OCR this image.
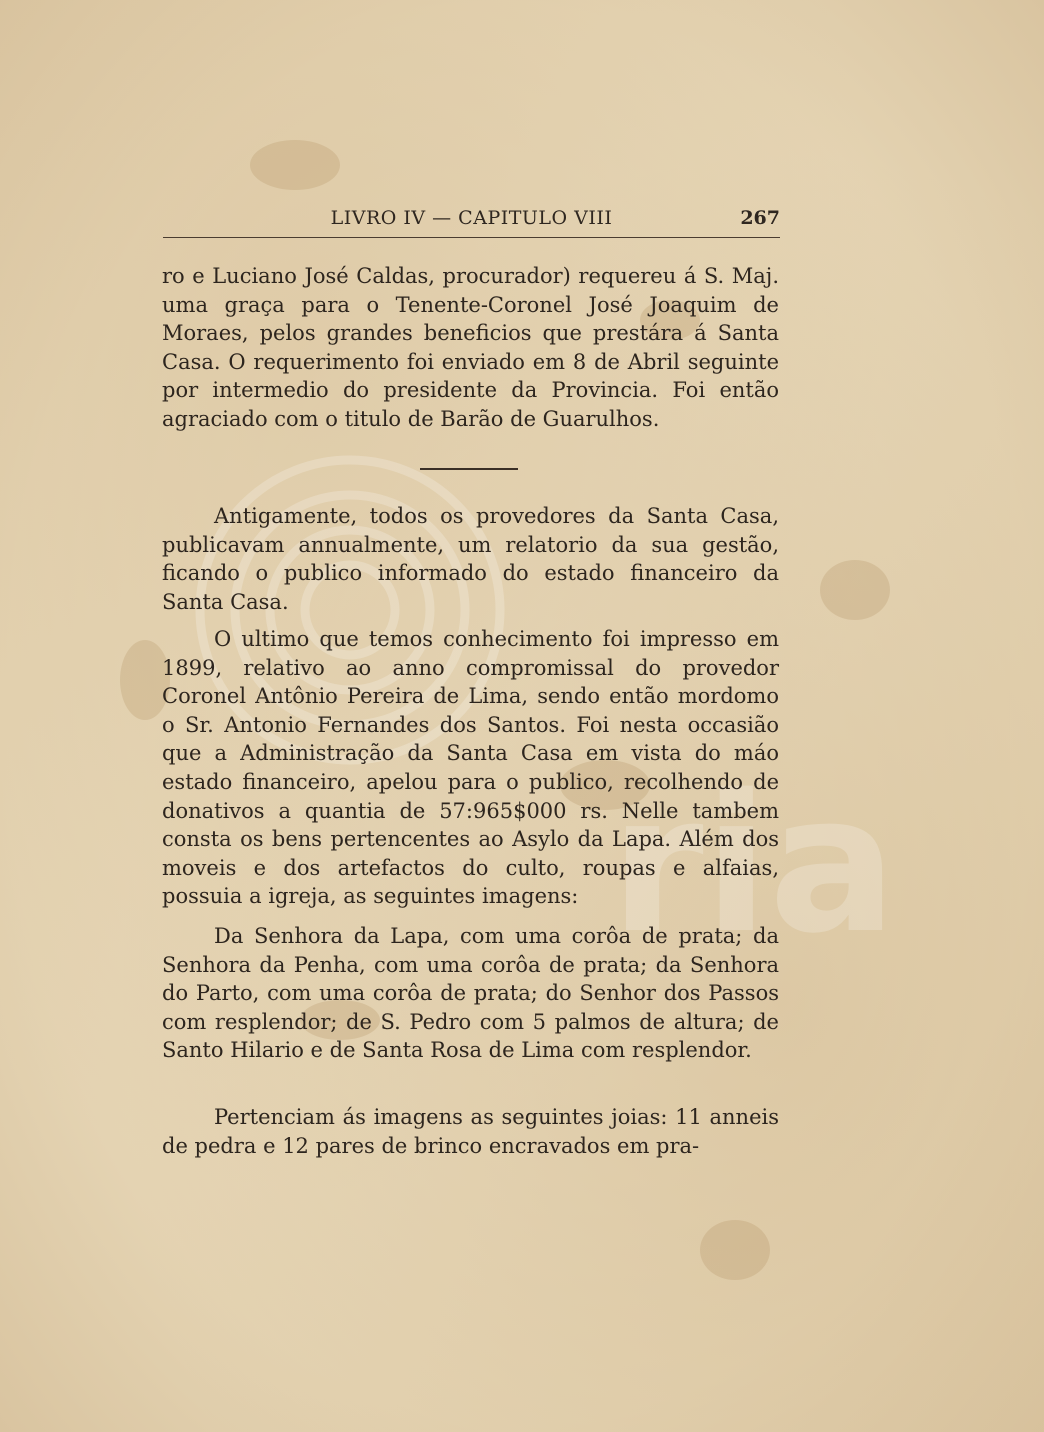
ria
LIVRO IV — CAPITULO VIII	267

ro e Luciano José Caldas, procurador) requereu á S. Maj. uma graça para o Tenente-Coronel José Joaquim de Moraes, pelos grandes beneficios que prestára á Santa Casa. O requerimento foi enviado em 8 de Abril seguinte por intermedio do presidente da Provincia. Foi então agraciado com o titulo de Barão de Guarulhos.

Antigamente, todos os provedores da Santa Casa, publicavam annualmente, um relatorio da sua gestão, ficando o publico informado do estado financeiro da Santa Casa.

O ultimo que temos conhecimento foi impresso em 1899, relativo ao anno compromissal do provedor Coronel Antônio Pereira de Lima, sendo então mordomo o Sr. Antonio Fernandes dos Santos. Foi nesta occasião que a Administração da Santa Casa em vista do máo estado financeiro, apelou para o publico, recolhendo de donativos a quantia de 57:965$000 rs. Nelle tambem consta os bens pertencentes ao Asylo da Lapa. Além dos moveis e dos artefactos do culto, roupas e alfaias, possuia a igreja, as seguintes imagens:

Da Senhora da Lapa, com uma corôa de prata; da Senhora da Penha, com uma corôa de prata; da Senhora do Parto, com uma corôa de prata; do Senhor dos Passos com resplendor; de S. Pedro com 5 palmos de altura; de Santo Hilario e de Santa Rosa de Lima com resplendor.

Pertenciam ás imagens as seguintes joias: 11 anneis de pedra e 12 pares de brinco encravados em pra-
